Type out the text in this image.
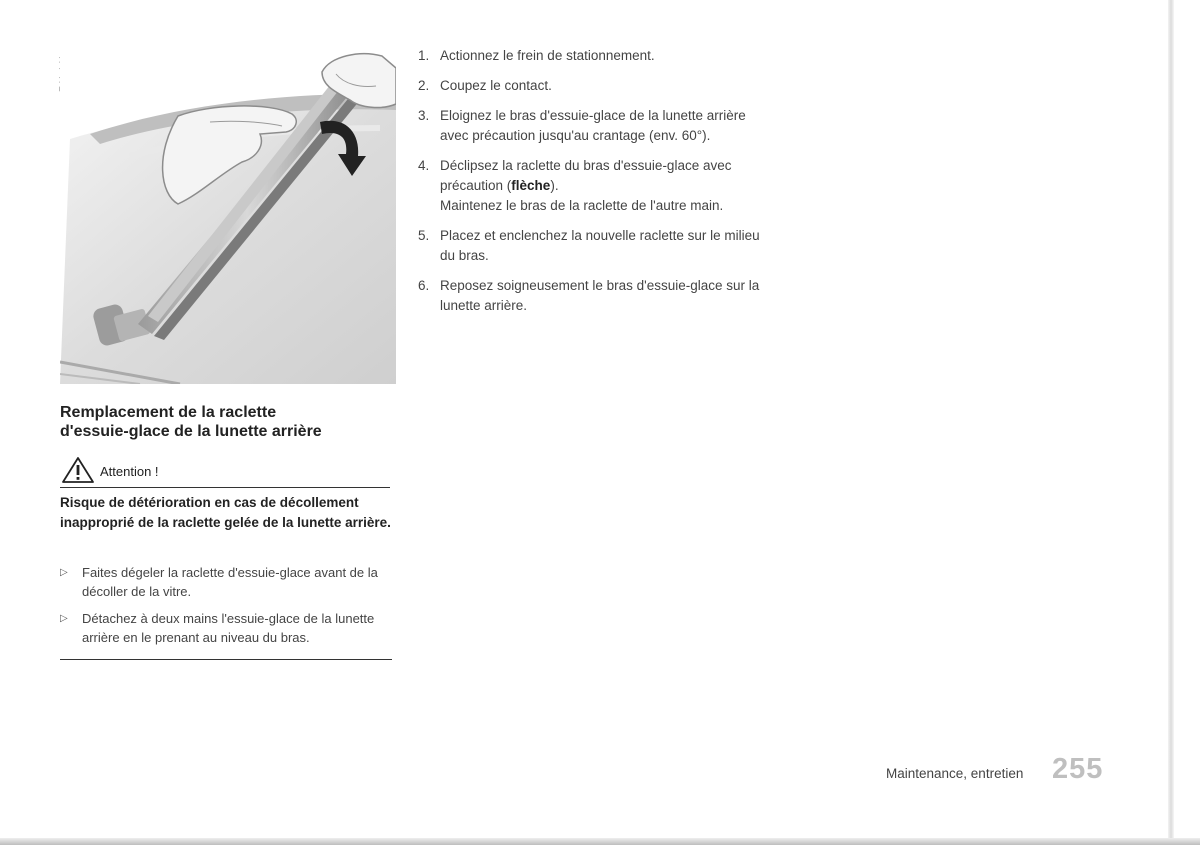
Remplacement de la raclette
d'essuie-glace de la lunette arrière
Attention !
Risque de détérioration en cas de décollement inapproprié de la raclette gelée de la lunette arrière.
▷ Faites dégeler la raclette d'essuie-glace avant de la décoller de la vitre.
▷ Détachez à deux mains l'essuie-glace de la lunette arrière en le prenant au niveau du bras.
1. Actionnez le frein de stationnement.
2. Coupez le contact.
3. Eloignez le bras d'essuie-glace de la lunette arrière avec précaution jusqu'au crantage (env. 60°).
4. Déclipsez la raclette du bras d'essuie-glace avec précaution (flèche).
Maintenez le bras de la raclette de l'autre main.
5. Placez et enclenchez la nouvelle raclette sur le milieu du bras.
6. Reposez soigneusement le bras d'essuie-glace sur la lunette arrière.
Maintenance, entretien 255
